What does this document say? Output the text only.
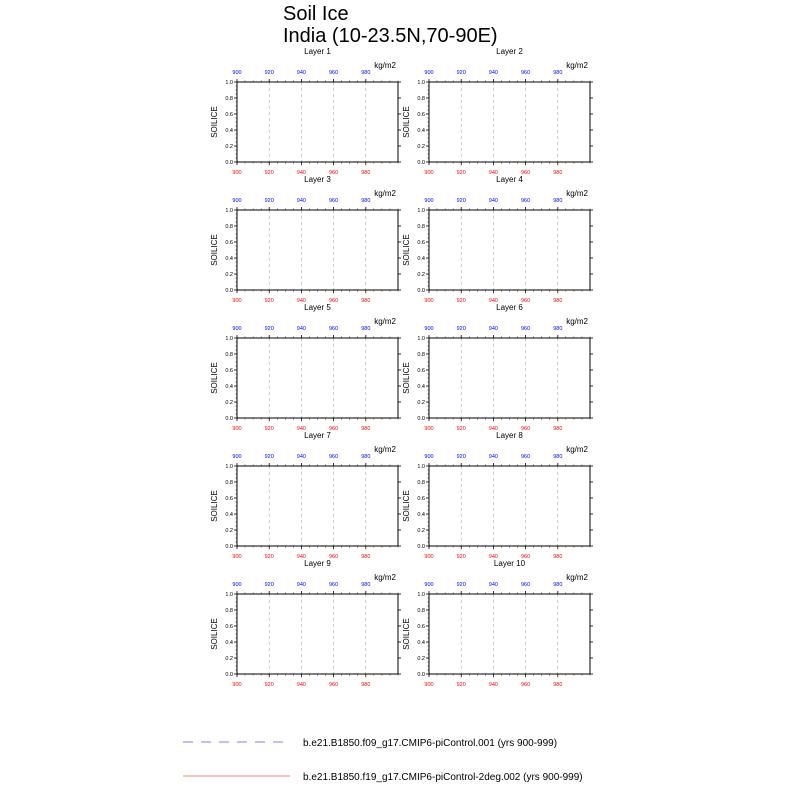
Soil Ice
India (10-23.5N,70-90E)
0.0
0.2
0.4
0.6
0.8
1.0
900
900
920
920
940
940
960
960
980
980
Layer 1
kg/m2
SOILICE
0.0
0.2
0.4
0.6
0.8
1.0
900
900
920
920
940
940
960
960
980
980
Layer 2
kg/m2
SOILICE
0.0
0.2
0.4
0.6
0.8
1.0
900
900
920
920
940
940
960
960
980
980
Layer 3
kg/m2
SOILICE
0.0
0.2
0.4
0.6
0.8
1.0
900
900
920
920
940
940
960
960
980
980
Layer 4
kg/m2
SOILICE
0.0
0.2
0.4
0.6
0.8
1.0
900
900
920
920
940
940
960
960
980
980
Layer 5
kg/m2
SOILICE
0.0
0.2
0.4
0.6
0.8
1.0
900
900
920
920
940
940
960
960
980
980
Layer 6
kg/m2
SOILICE
0.0
0.2
0.4
0.6
0.8
1.0
900
900
920
920
940
940
960
960
980
980
Layer 7
kg/m2
SOILICE
0.0
0.2
0.4
0.6
0.8
1.0
900
900
920
920
940
940
960
960
980
980
Layer 8
kg/m2
SOILICE
0.0
0.2
0.4
0.6
0.8
1.0
900
900
920
920
940
940
960
960
980
980
Layer 9
kg/m2
SOILICE
0.0
0.2
0.4
0.6
0.8
1.0
900
900
920
920
940
940
960
960
980
980
Layer 10
kg/m2
SOILICE
b.e21.B1850.f09_g17.CMIP6-piControl.001 (yrs 900-999)
b.e21.B1850.f19_g17.CMIP6-piControl-2deg.002 (yrs 900-999)
